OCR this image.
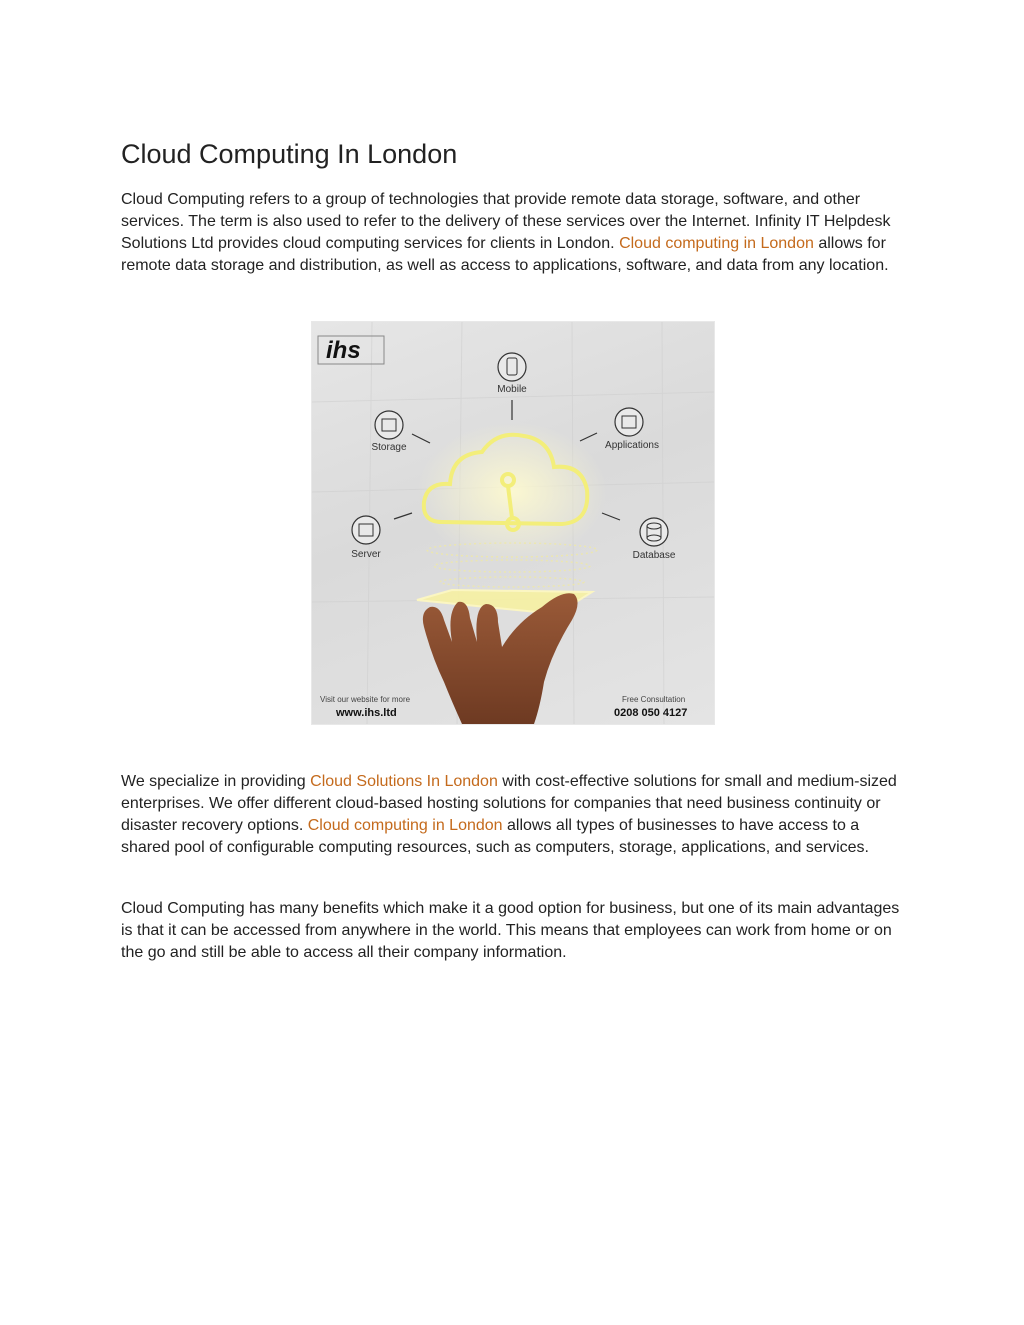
Cloud Computing In London

Cloud Computing refers to a group of technologies that provide remote data storage, software, and other services. The term is also used to refer to the delivery of these services over the Internet. Infinity IT Helpdesk Solutions Ltd provides cloud computing services for clients in London. Cloud computing in London allows for remote data storage and distribution, as well as access to applications, software, and data from any location.

We specialize in providing Cloud Solutions In London with cost-effective solutions for small and medium-sized enterprises. We offer different cloud-based hosting solutions for companies that need business continuity or disaster recovery options. Cloud computing in London allows all types of businesses to have access to a shared pool of configurable computing resources, such as computers, storage, applications, and services.

Cloud Computing has many benefits which make it a good option for business, but one of its main advantages is that it can be accessed from anywhere in the world. This means that employees can work from home or on the go and still be able to access all their company information.

ihs
Mobile
Storage	Applications
Server	Database
Visit our website for more
www.ihs.ltd
Free Consultation
0208 050 4127
